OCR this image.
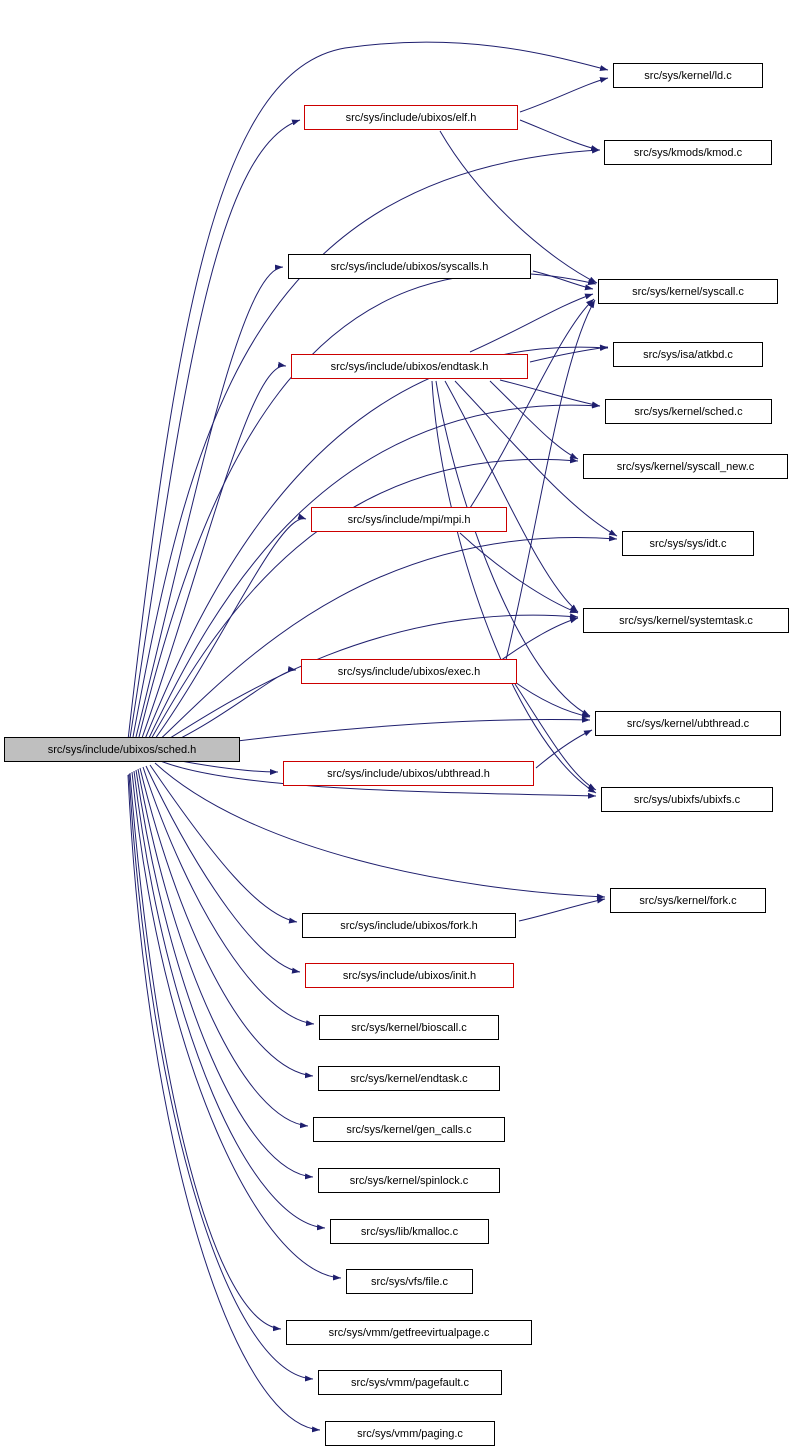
src/sys/include/ubixos/sched.h
src/sys/include/ubixos/elf.h
src/sys/kernel/ld.c
src/sys/kmods/kmod.c
src/sys/include/ubixos/syscalls.h
src/sys/kernel/syscall.c
src/sys/include/ubixos/endtask.h
src/sys/isa/atkbd.c
src/sys/kernel/sched.c
src/sys/kernel/syscall_new.c
src/sys/include/mpi/mpi.h
src/sys/sys/idt.c
src/sys/kernel/systemtask.c
src/sys/include/ubixos/exec.h
src/sys/kernel/ubthread.c
src/sys/include/ubixos/ubthread.h
src/sys/ubixfs/ubixfs.c
src/sys/kernel/fork.c
src/sys/include/ubixos/fork.h
src/sys/include/ubixos/init.h
src/sys/kernel/bioscall.c
src/sys/kernel/endtask.c
src/sys/kernel/gen_calls.c
src/sys/kernel/spinlock.c
src/sys/lib/kmalloc.c
src/sys/vfs/file.c
src/sys/vmm/getfreevirtualpage.c
src/sys/vmm/pagefault.c
src/sys/vmm/paging.c
